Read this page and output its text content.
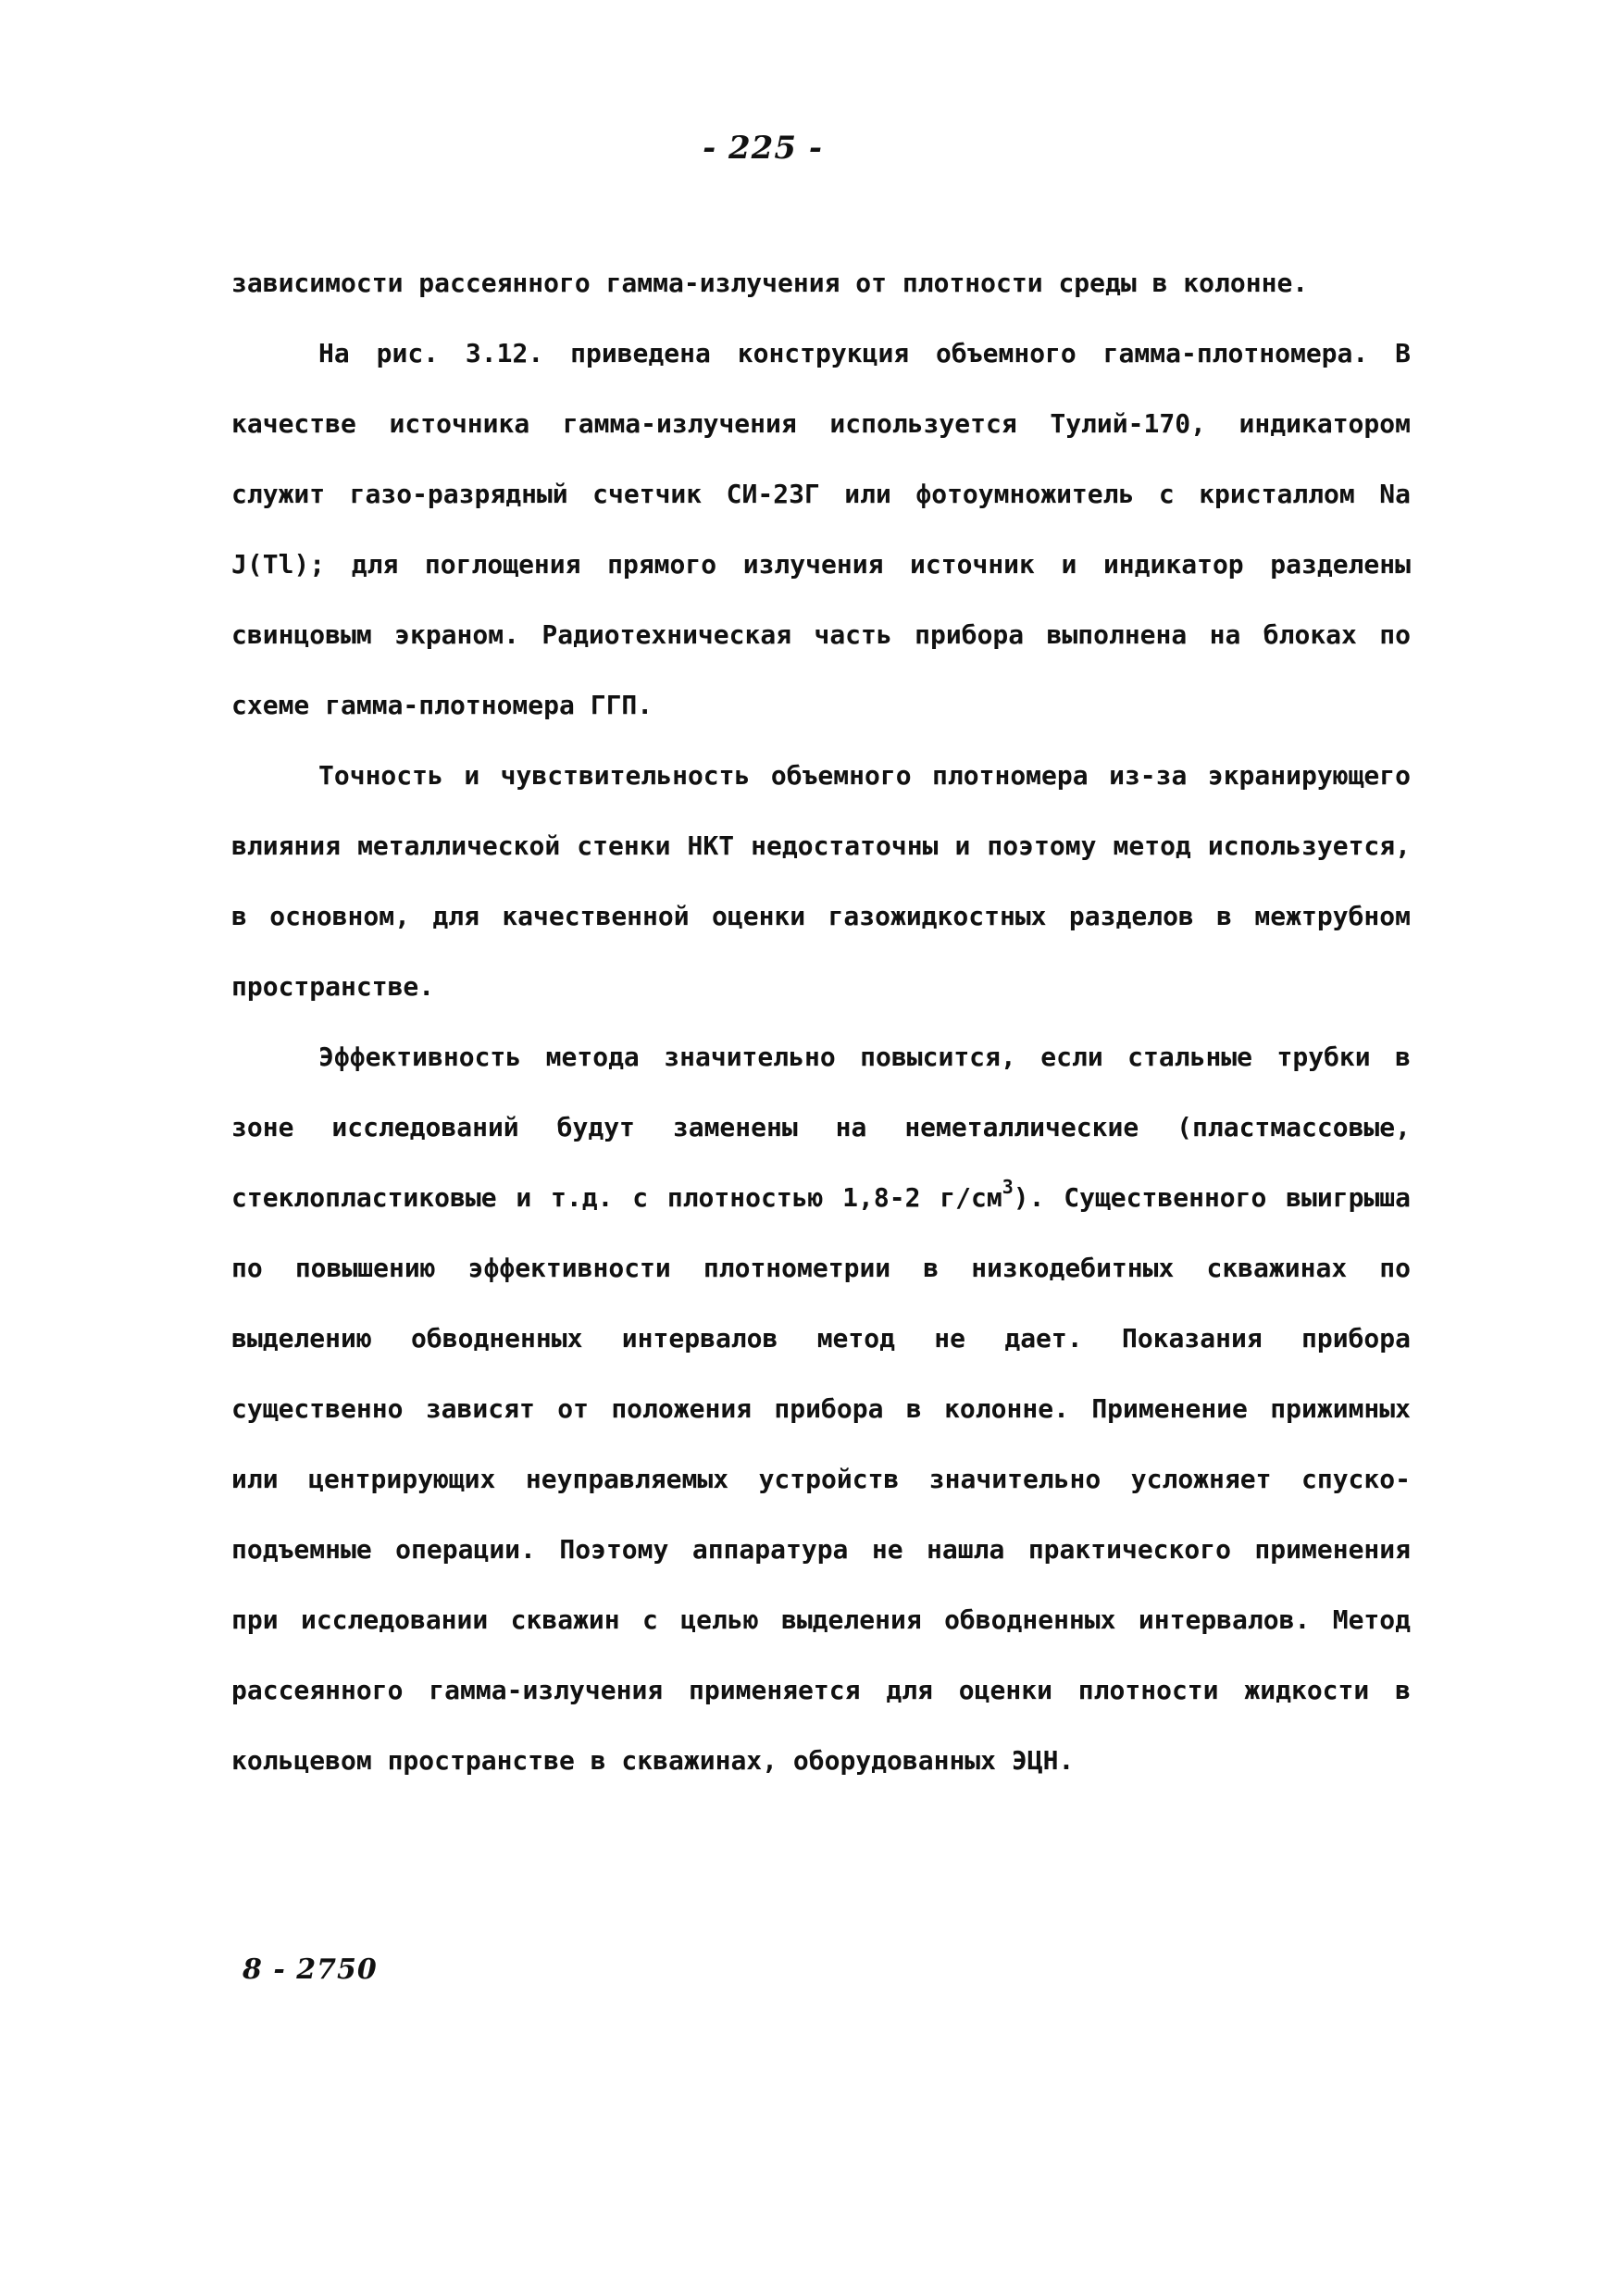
- 225 -

зависимости рассеянного гамма-излучения от плотности среды в колонне.

На рис. 3.12. приведена конструкция объемного гамма-плотномера. В качестве источника гамма-излучения используется Тулий-170, индикатором служит газо-разрядный счетчик СИ-23Г или фотоумножитель с кристаллом Na J(Tl); для поглощения прямого излучения источник и индикатор разделены свинцовым экраном. Радиотехническая часть прибора выполнена на блоках по схеме гамма-плотномера ГГП.

Точность и чувствительность объемного плотномера из-за экранирующего влияния металлической стенки НКТ недостаточны и поэтому метод используется, в основном, для качественной оценки газожидкостных разделов в межтрубном пространстве.

Эффективность метода значительно повысится, если стальные трубки в зоне исследований будут заменены на неметаллические (пластмассовые, стеклопластиковые и т.д. с плотностью 1,8-2 $г/см^3$). Существенного выигрыша по повышению эффективности плотнометрии в низкодебитных скважинах по выделению обводненных интервалов метод не дает. Показания прибора существенно зависят от положения прибора в колонне. Применение прижимных или центрирующих неуправляемых устройств значительно усложняет спуско-подъемные операции. Поэтому аппаратура не нашла практического применения при исследовании скважин с целью выделения обводненных интервалов. Метод рассеянного гамма-излучения применяется для оценки плотности жидкости в кольцевом пространстве в скважинах, оборудованных ЭЦН.

8 - 2750
